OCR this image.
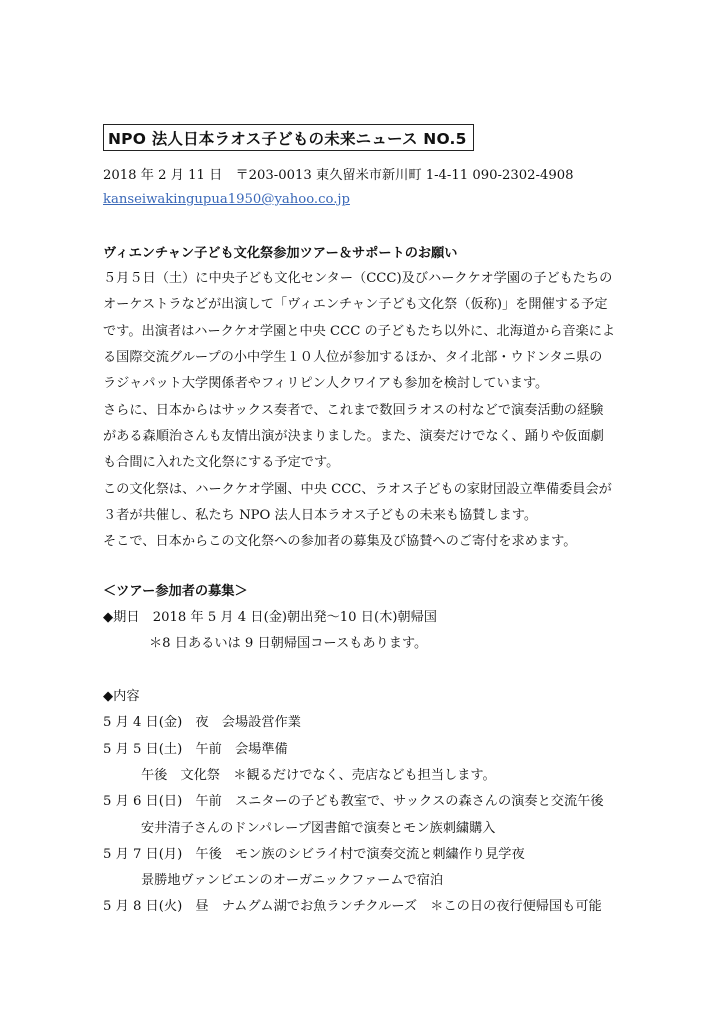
NPO 法人日本ラオス子どもの未来ニュース NO.5
2018 年 2 月 11 日　〒203-0013 東久留米市新川町 1-4-11 090-2302-4908
kanseiwakingupua1950@yahoo.co.jp
ヴィエンチャン子ども文化祭参加ツアー＆サポートのお願い
５月５日（土）に中央子ども文化センター（CCC)及びハークケオ学園の子どもたちの
オーケストラなどが出演して「ヴィエンチャン子ども文化祭（仮称)」を開催する予定
です。出演者はハークケオ学園と中央 CCC の子どもたち以外に、北海道から音楽によ
る国際交流グループの小中学生１０人位が参加するほか、タイ北部・ウドンタニ県の
ラジャパット大学関係者やフィリピン人クワイアも参加を検討しています。
さらに、日本からはサックス奏者で、これまで数回ラオスの村などで演奏活動の経験
がある森順治さんも友情出演が決まりました。また、演奏だけでなく、踊りや仮面劇
も合間に入れた文化祭にする予定です。
この文化祭は、ハークケオ学園、中央 CCC、ラオス子どもの家財団設立準備委員会が
３者が共催し、私たち NPO 法人日本ラオス子どもの未来も協賛します。
そこで、日本からこの文化祭への参加者の募集及び協賛へのご寄付を求めます。
＜ツアー参加者の募集＞
◆期日　2018 年 5 月 4 日(金)朝出発～10 日(木)朝帰国
＊8 日あるいは 9 日朝帰国コースもあります。
◆内容
5 月 4 日(金)　夜　会場設営作業
5 月 5 日(土)　午前　会場準備
午後　文化祭　＊観るだけでなく、売店なども担当します。
5 月 6 日(日)　午前　スニターの子ども教室で、サックスの森さんの演奏と交流午後
安井清子さんのドンパレープ図書館で演奏とモン族刺繍購入
5 月 7 日(月)　午後　モン族のシビライ村で演奏交流と刺繍作り見学夜
景勝地ヴァンビエンのオーガニックファームで宿泊
5 月 8 日(火)　昼　ナムグム湖でお魚ランチクルーズ　＊この日の夜行便帰国も可能
